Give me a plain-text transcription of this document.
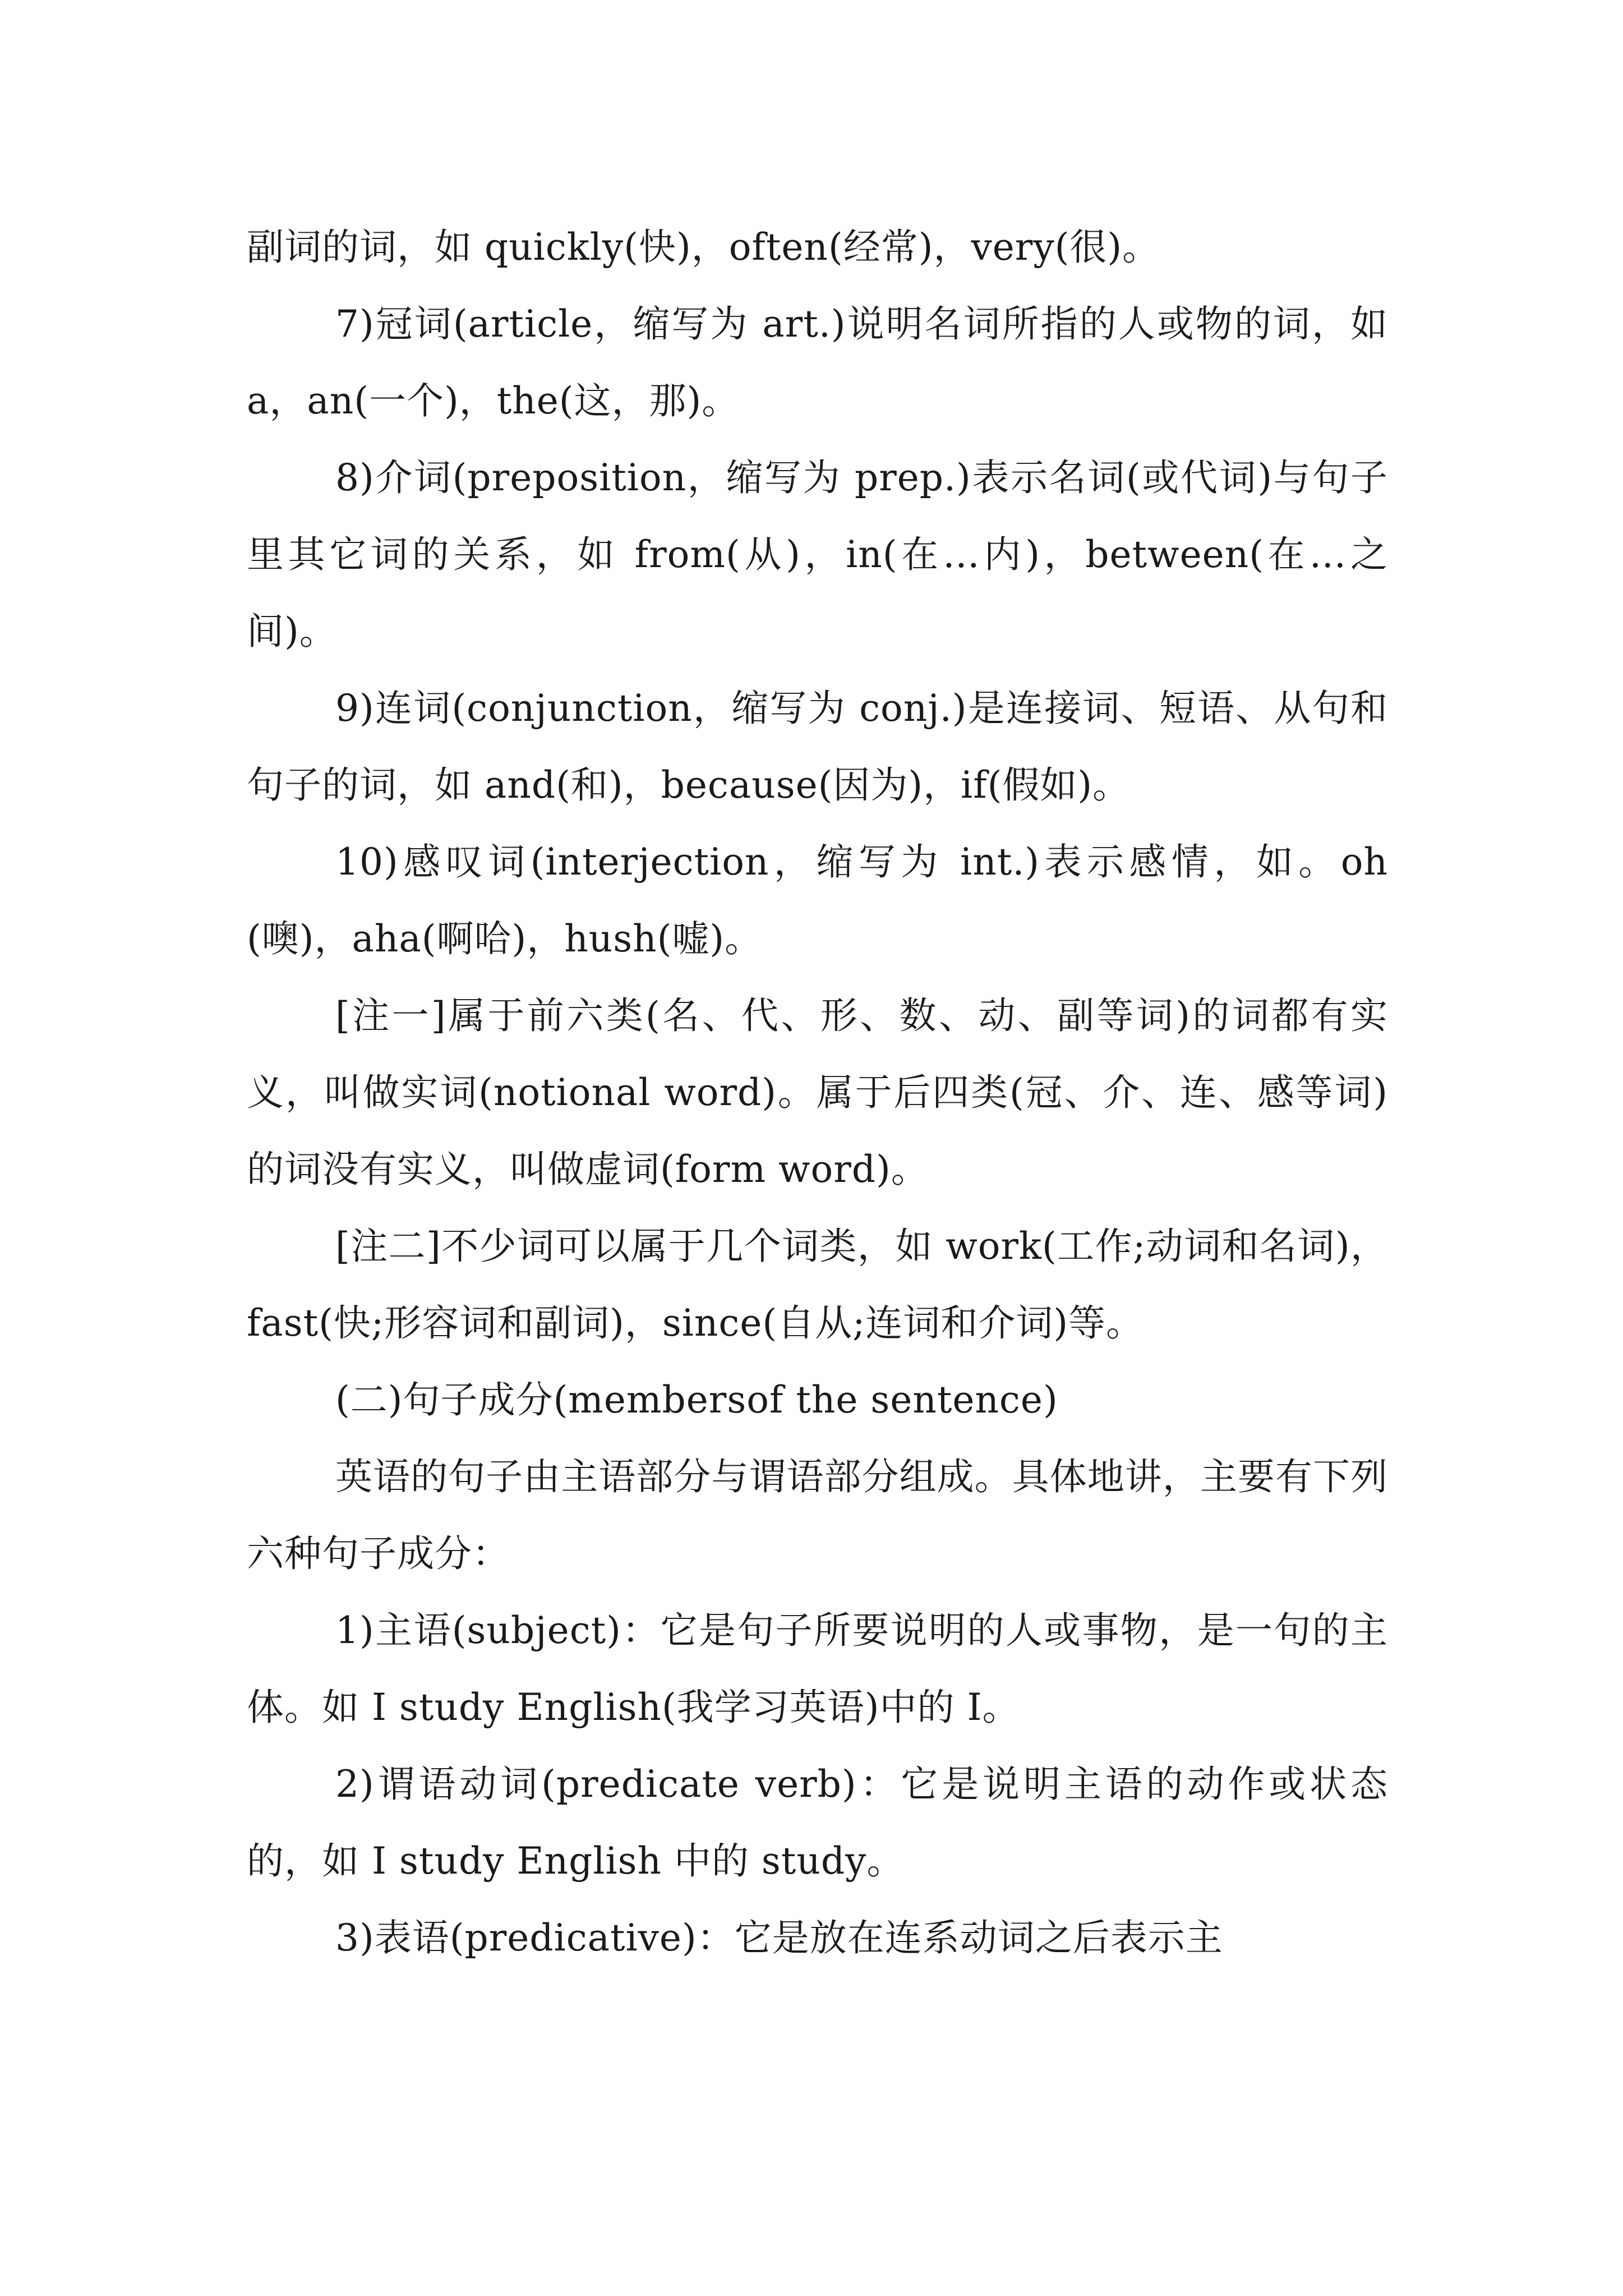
副词的词，如 quickly(快)，often(经常)，very(很)。

7)冠词(article，缩写为 art.)说明名词所指的人或物的词，如 a，an(一个)，the(这，那)。

8)介词(preposition，缩写为 prep.)表示名词(或代词)与句子里其它词的关系，如 from(从)，in(在…内)，between(在…之间)。

9)连词(conjunction，缩写为 conj.)是连接词、短语、从句和句子的词，如 and(和)，because(因为)，if(假如)。

10)感叹词(interjection，缩写为 int.)表示感情，如。oh(噢)，aha(啊哈)，hush(嘘)。

[注一]属于前六类(名、代、形、数、动、副等词)的词都有实义，叫做实词(notional word)。属于后四类(冠、介、连、感等词)的词没有实义，叫做虚词(form word)。

[注二]不少词可以属于几个词类，如 work(工作;动词和名词)，fast(快;形容词和副词)，since(自从;连词和介词)等。

(二)句子成分(membersof the sentence)

英语的句子由主语部分与谓语部分组成。具体地讲，主要有下列六种句子成分：

1)主语(subject)：它是句子所要说明的人或事物，是一句的主体。如 I study English(我学习英语)中的 I。

2)谓语动词(predicate verb)：它是说明主语的动作或状态的，如 I study English 中的 study。

3)表语(predicative)：它是放在连系动词之后表示主
